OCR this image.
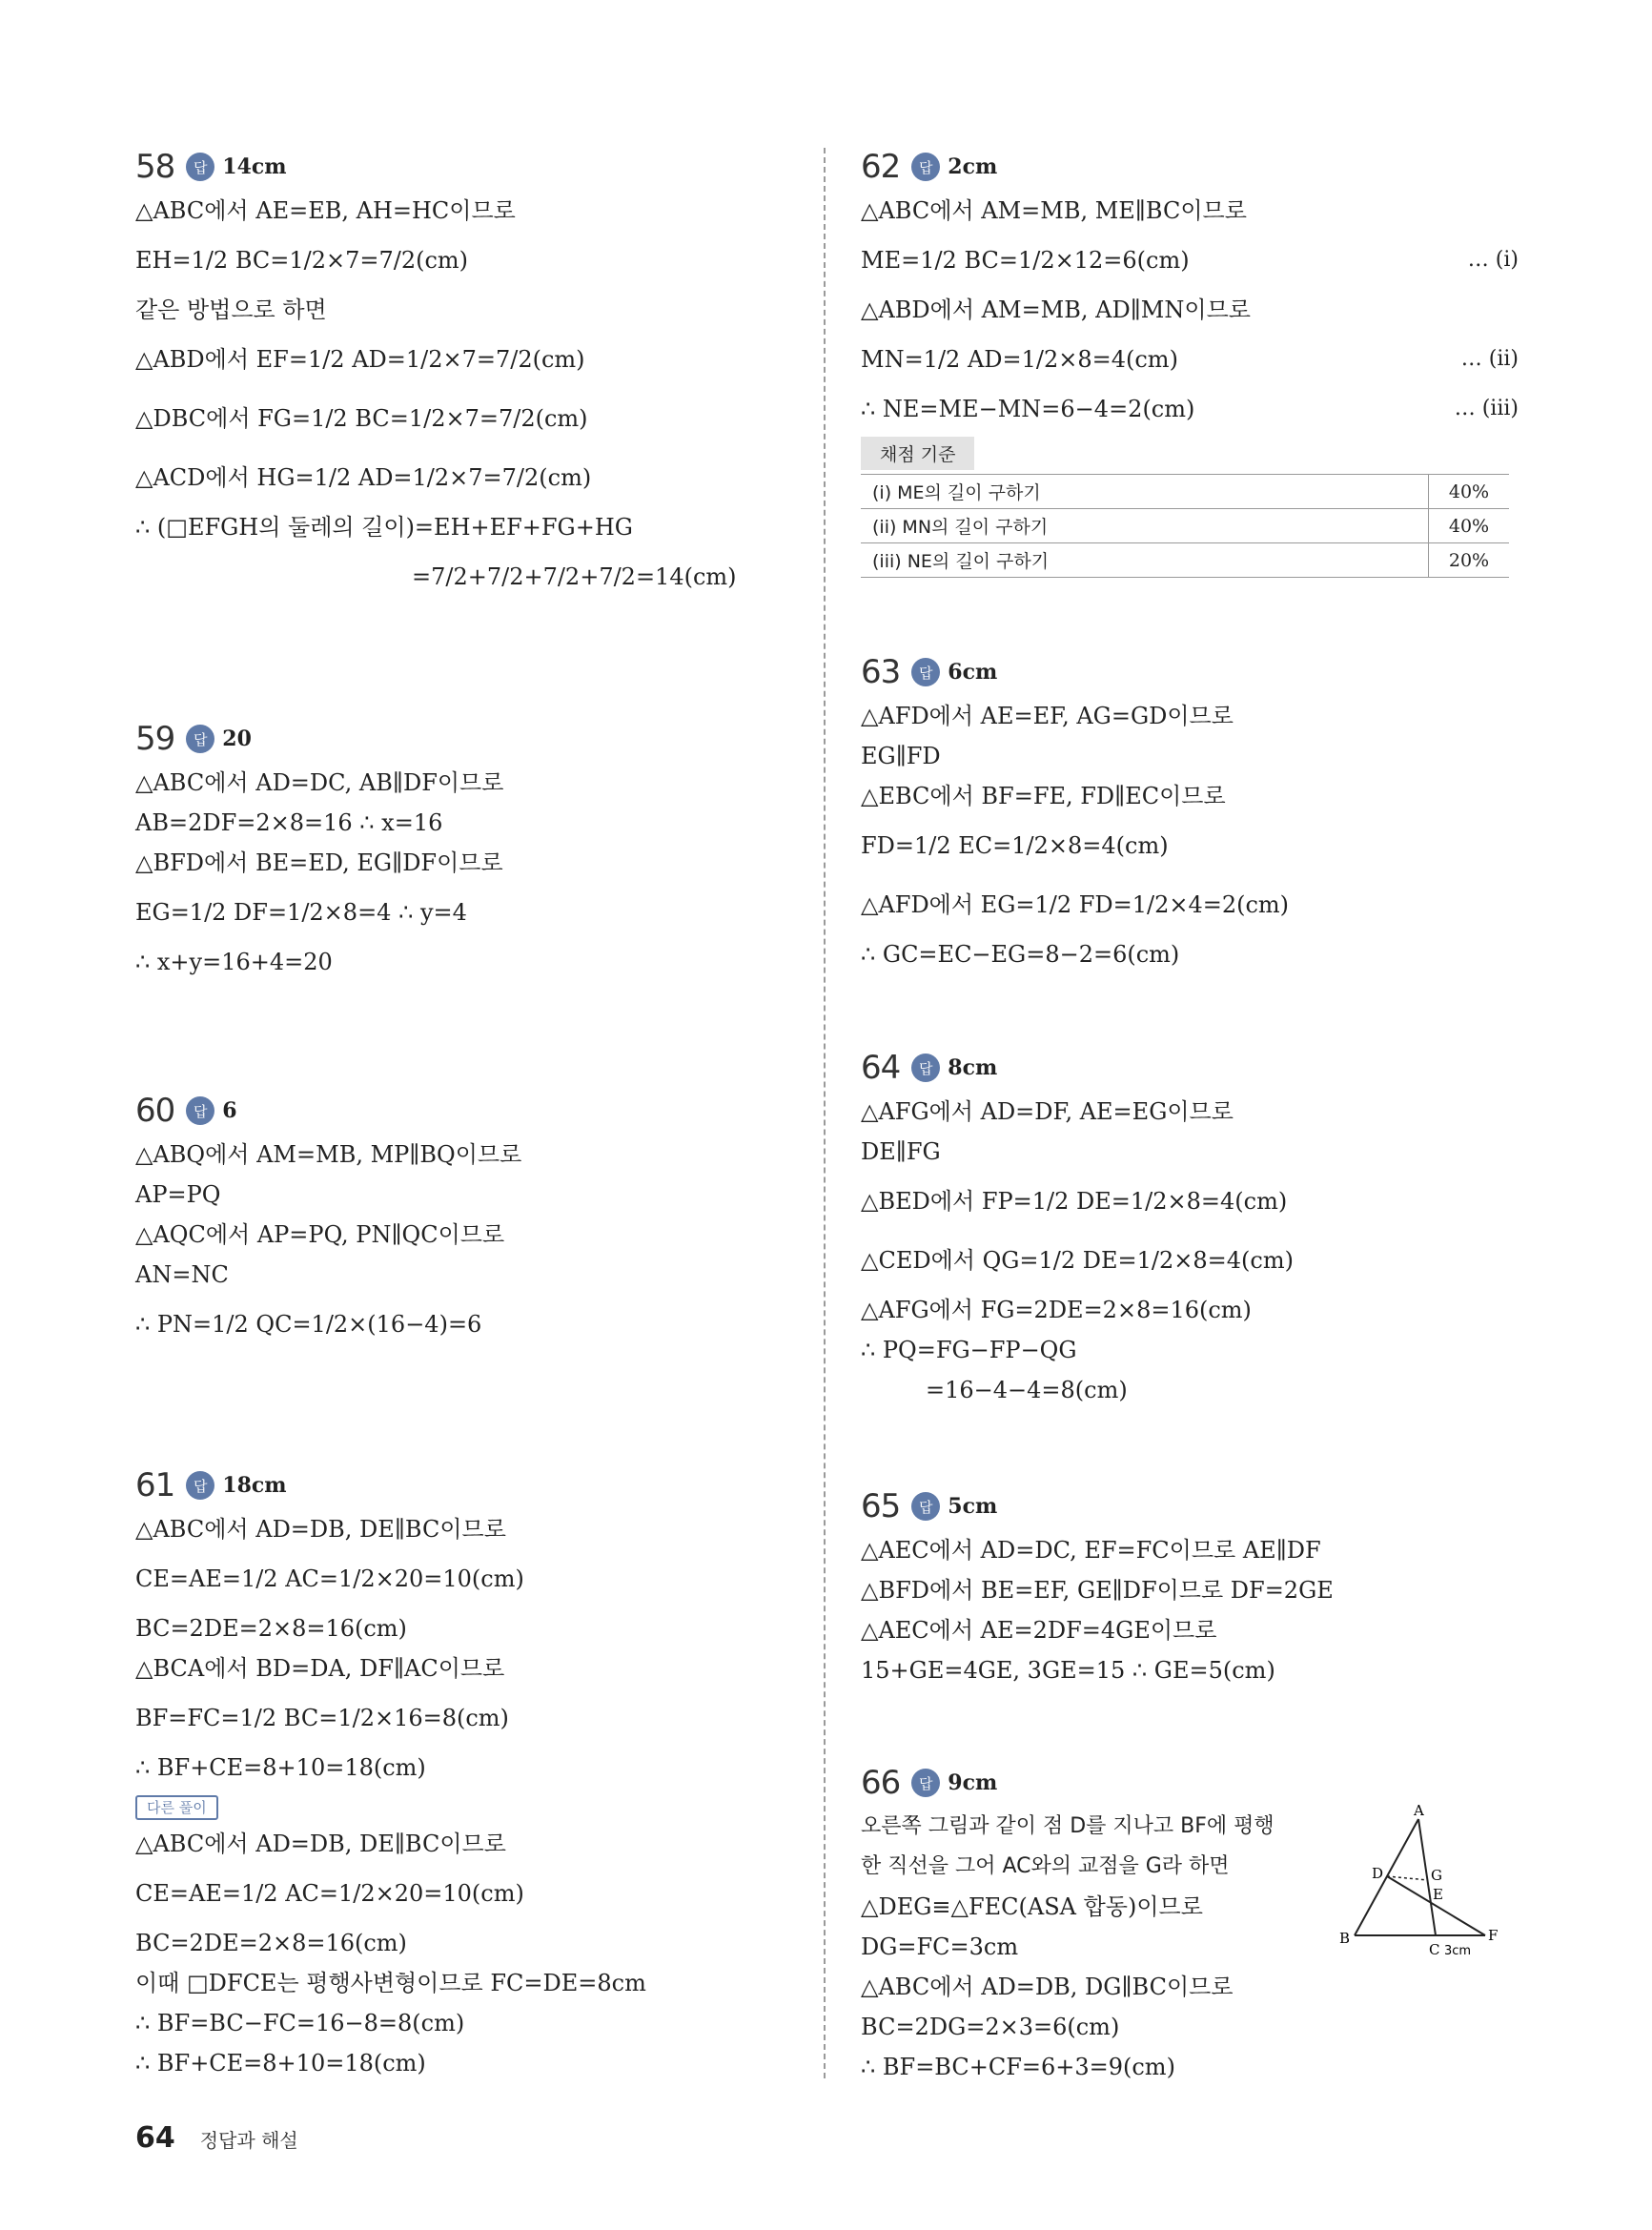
58	답 14cm
△ABC에서 AE=EB, AH=HC이므로
EH=1/2 BC=1/2×7=7/2(cm)
같은 방법으로 하면
△ABD에서 EF=1/2 AD=1/2×7=7/2(cm)
△DBC에서 FG=1/2 BC=1/2×7=7/2(cm)
△ACD에서 HG=1/2 AD=1/2×7=7/2(cm)
∴ (□EFGH의 둘레의 길이)=EH+EF+FG+HG
=7/2+7/2+7/2+7/2=14(cm)
59	답 20
△ABC에서 AD=DC, AB∥DF이므로
AB=2DF=2×8=16 ∴ x=16
△BFD에서 BE=ED, EG∥DF이므로
EG=1/2 DF=1/2×8=4 ∴ y=4
∴ x+y=16+4=20
60	답 6
△ABQ에서 AM=MB, MP∥BQ이므로
AP=PQ
△AQC에서 AP=PQ, PN∥QC이므로
AN=NC
∴ PN=1/2 QC=1/2×(16−4)=6
61	답 18cm
△ABC에서 AD=DB, DE∥BC이므로
CE=AE=1/2 AC=1/2×20=10(cm)
BC=2DE=2×8=16(cm)
△BCA에서 BD=DA, DF∥AC이므로
BF=FC=1/2 BC=1/2×16=8(cm)
∴ BF+CE=8+10=18(cm)
다른 풀이
△ABC에서 AD=DB, DE∥BC이므로
CE=AE=1/2 AC=1/2×20=10(cm)
BC=2DE=2×8=16(cm)
이때 □DFCE는 평행사변형이므로 FC=DE=8cm
∴ BF=BC−FC=16−8=8(cm)
∴ BF+CE=8+10=18(cm)
62	답 2cm
△ABC에서 AM=MB, ME∥BC이므로
ME=1/2 BC=1/2×12=6(cm)	… (i)
△ABD에서 AM=MB, AD∥MN이므로
MN=1/2 AD=1/2×8=4(cm)	… (ii)
∴ NE=ME−MN=6−4=2(cm)	… (iii)
채점 기준
(i) ME의 길이 구하기	40%
(ii) MN의 길이 구하기	40%
(iii) NE의 길이 구하기	20%
63	답 6cm
△AFD에서 AE=EF, AG=GD이므로
EG∥FD
△EBC에서 BF=FE, FD∥EC이므로
FD=1/2 EC=1/2×8=4(cm)
△AFD에서 EG=1/2 FD=1/2×4=2(cm)
∴ GC=EC−EG=8−2=6(cm)
64	답 8cm
△AFG에서 AD=DF, AE=EG이므로
DE∥FG
△BED에서 FP=1/2 DE=1/2×8=4(cm)
△CED에서 QG=1/2 DE=1/2×8=4(cm)
△AFG에서 FG=2DE=2×8=16(cm)
∴ PQ=FG−FP−QG
=16−4−4=8(cm)
65	답 5cm
△AEC에서 AD=DC, EF=FC이므로 AE∥DF
△BFD에서 BE=EF, GE∥DF이므로 DF=2GE
△AEC에서 AE=2DF=4GE이므로
15+GE=4GE, 3GE=15 ∴ GE=5(cm)
66	답 9cm
오른쪽 그림과 같이 점 D를 지나고 BF에 평행
한 직선을 그어 AC와의 교점을 G라 하면
△DEG≡△FEC(ASA 합동)이므로
DG=FC=3cm
△ABC에서 AD=DB, DG∥BC이므로
BC=2DG=2×3=6(cm)
∴ BF=BC+CF=6+3=9(cm)
A
G
D
E
B
C
F
3cm
64 정답과 해설
